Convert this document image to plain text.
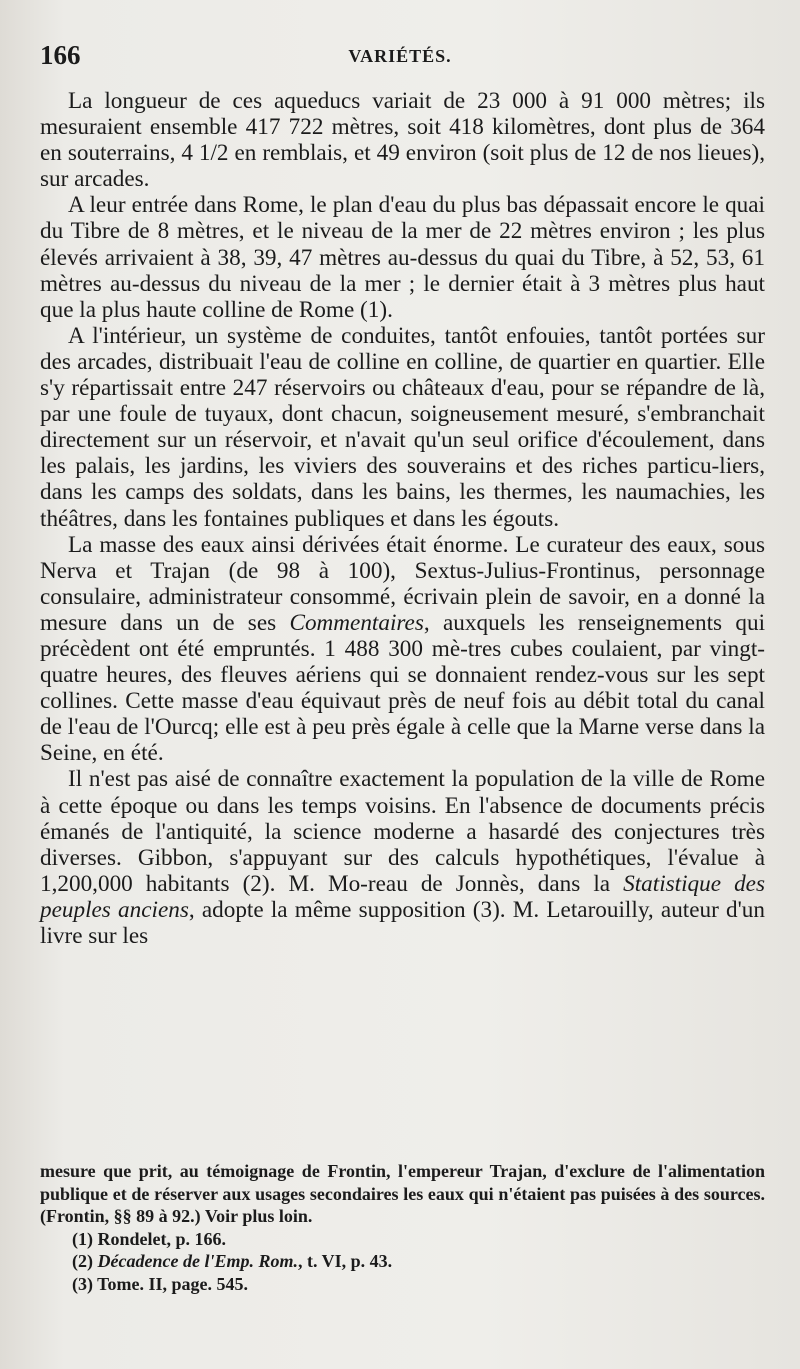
166	VARIÉTÉS.

La longueur de ces aqueducs variait de 23 000 à 91 000 mètres; ils mesuraient ensemble 417 722 mètres, soit 418 kilomètres, dont plus de 364 en souterrains, 4 1/2 en remblais, et 49 environ (soit plus de 12 de nos lieues), sur arcades.

A leur entrée dans Rome, le plan d'eau du plus bas dépassait encore le quai du Tibre de 8 mètres, et le niveau de la mer de 22 mètres environ ; les plus élevés arrivaient à 38, 39, 47 mètres au-dessus du quai du Tibre, à 52, 53, 61 mètres au-dessus du niveau de la mer ; le dernier était à 3 mètres plus haut que la plus haute colline de Rome (1).

A l'intérieur, un système de conduites, tantôt enfouies, tantôt portées sur des arcades, distribuait l'eau de colline en colline, de quartier en quartier. Elle s'y répartissait entre 247 réservoirs ou châteaux d'eau, pour se répandre de là, par une foule de tuyaux, dont chacun, soigneusement mesuré, s'embranchait directement sur un réservoir, et n'avait qu'un seul orifice d'écoulement, dans les palais, les jardins, les viviers des souverains et des riches particu-liers, dans les camps des soldats, dans les bains, les thermes, les naumachies, les théâtres, dans les fontaines publiques et dans les égouts.

La masse des eaux ainsi dérivées était énorme. Le curateur des eaux, sous Nerva et Trajan (de 98 à 100), Sextus-Julius-Frontinus, personnage consulaire, administrateur consommé, écrivain plein de savoir, en a donné la mesure dans un de ses Commentaires, auxquels les renseignements qui précèdent ont été empruntés. 1 488 300 mè-tres cubes coulaient, par vingt-quatre heures, des fleuves aériens qui se donnaient rendez-vous sur les sept collines. Cette masse d'eau équivaut près de neuf fois au débit total du canal de l'eau de l'Ourcq; elle est à peu près égale à celle que la Marne verse dans la Seine, en été.

Il n'est pas aisé de connaître exactement la population de la ville de Rome à cette époque ou dans les temps voisins. En l'absence de documents précis émanés de l'antiquité, la science moderne a hasardé des conjectures très diverses. Gibbon, s'appuyant sur des calculs hypothétiques, l'évalue à 1,200,000 habitants (2). M. Mo-reau de Jonnès, dans la Statistique des peuples anciens, adopte la même supposition (3). M. Letarouilly, auteur d'un livre sur les

mesure que prit, au témoignage de Frontin, l'empereur Trajan, d'exclure de l'alimentation publique et de réserver aux usages secondaires les eaux qui n'étaient pas puisées à des sources. (Frontin, §§ 89 à 92.) Voir plus loin.

(1) Rondelet, p. 166.

(2) Décadence de l'Emp. Rom., t. VI, p. 43.

(3) Tome. II, page. 545.
